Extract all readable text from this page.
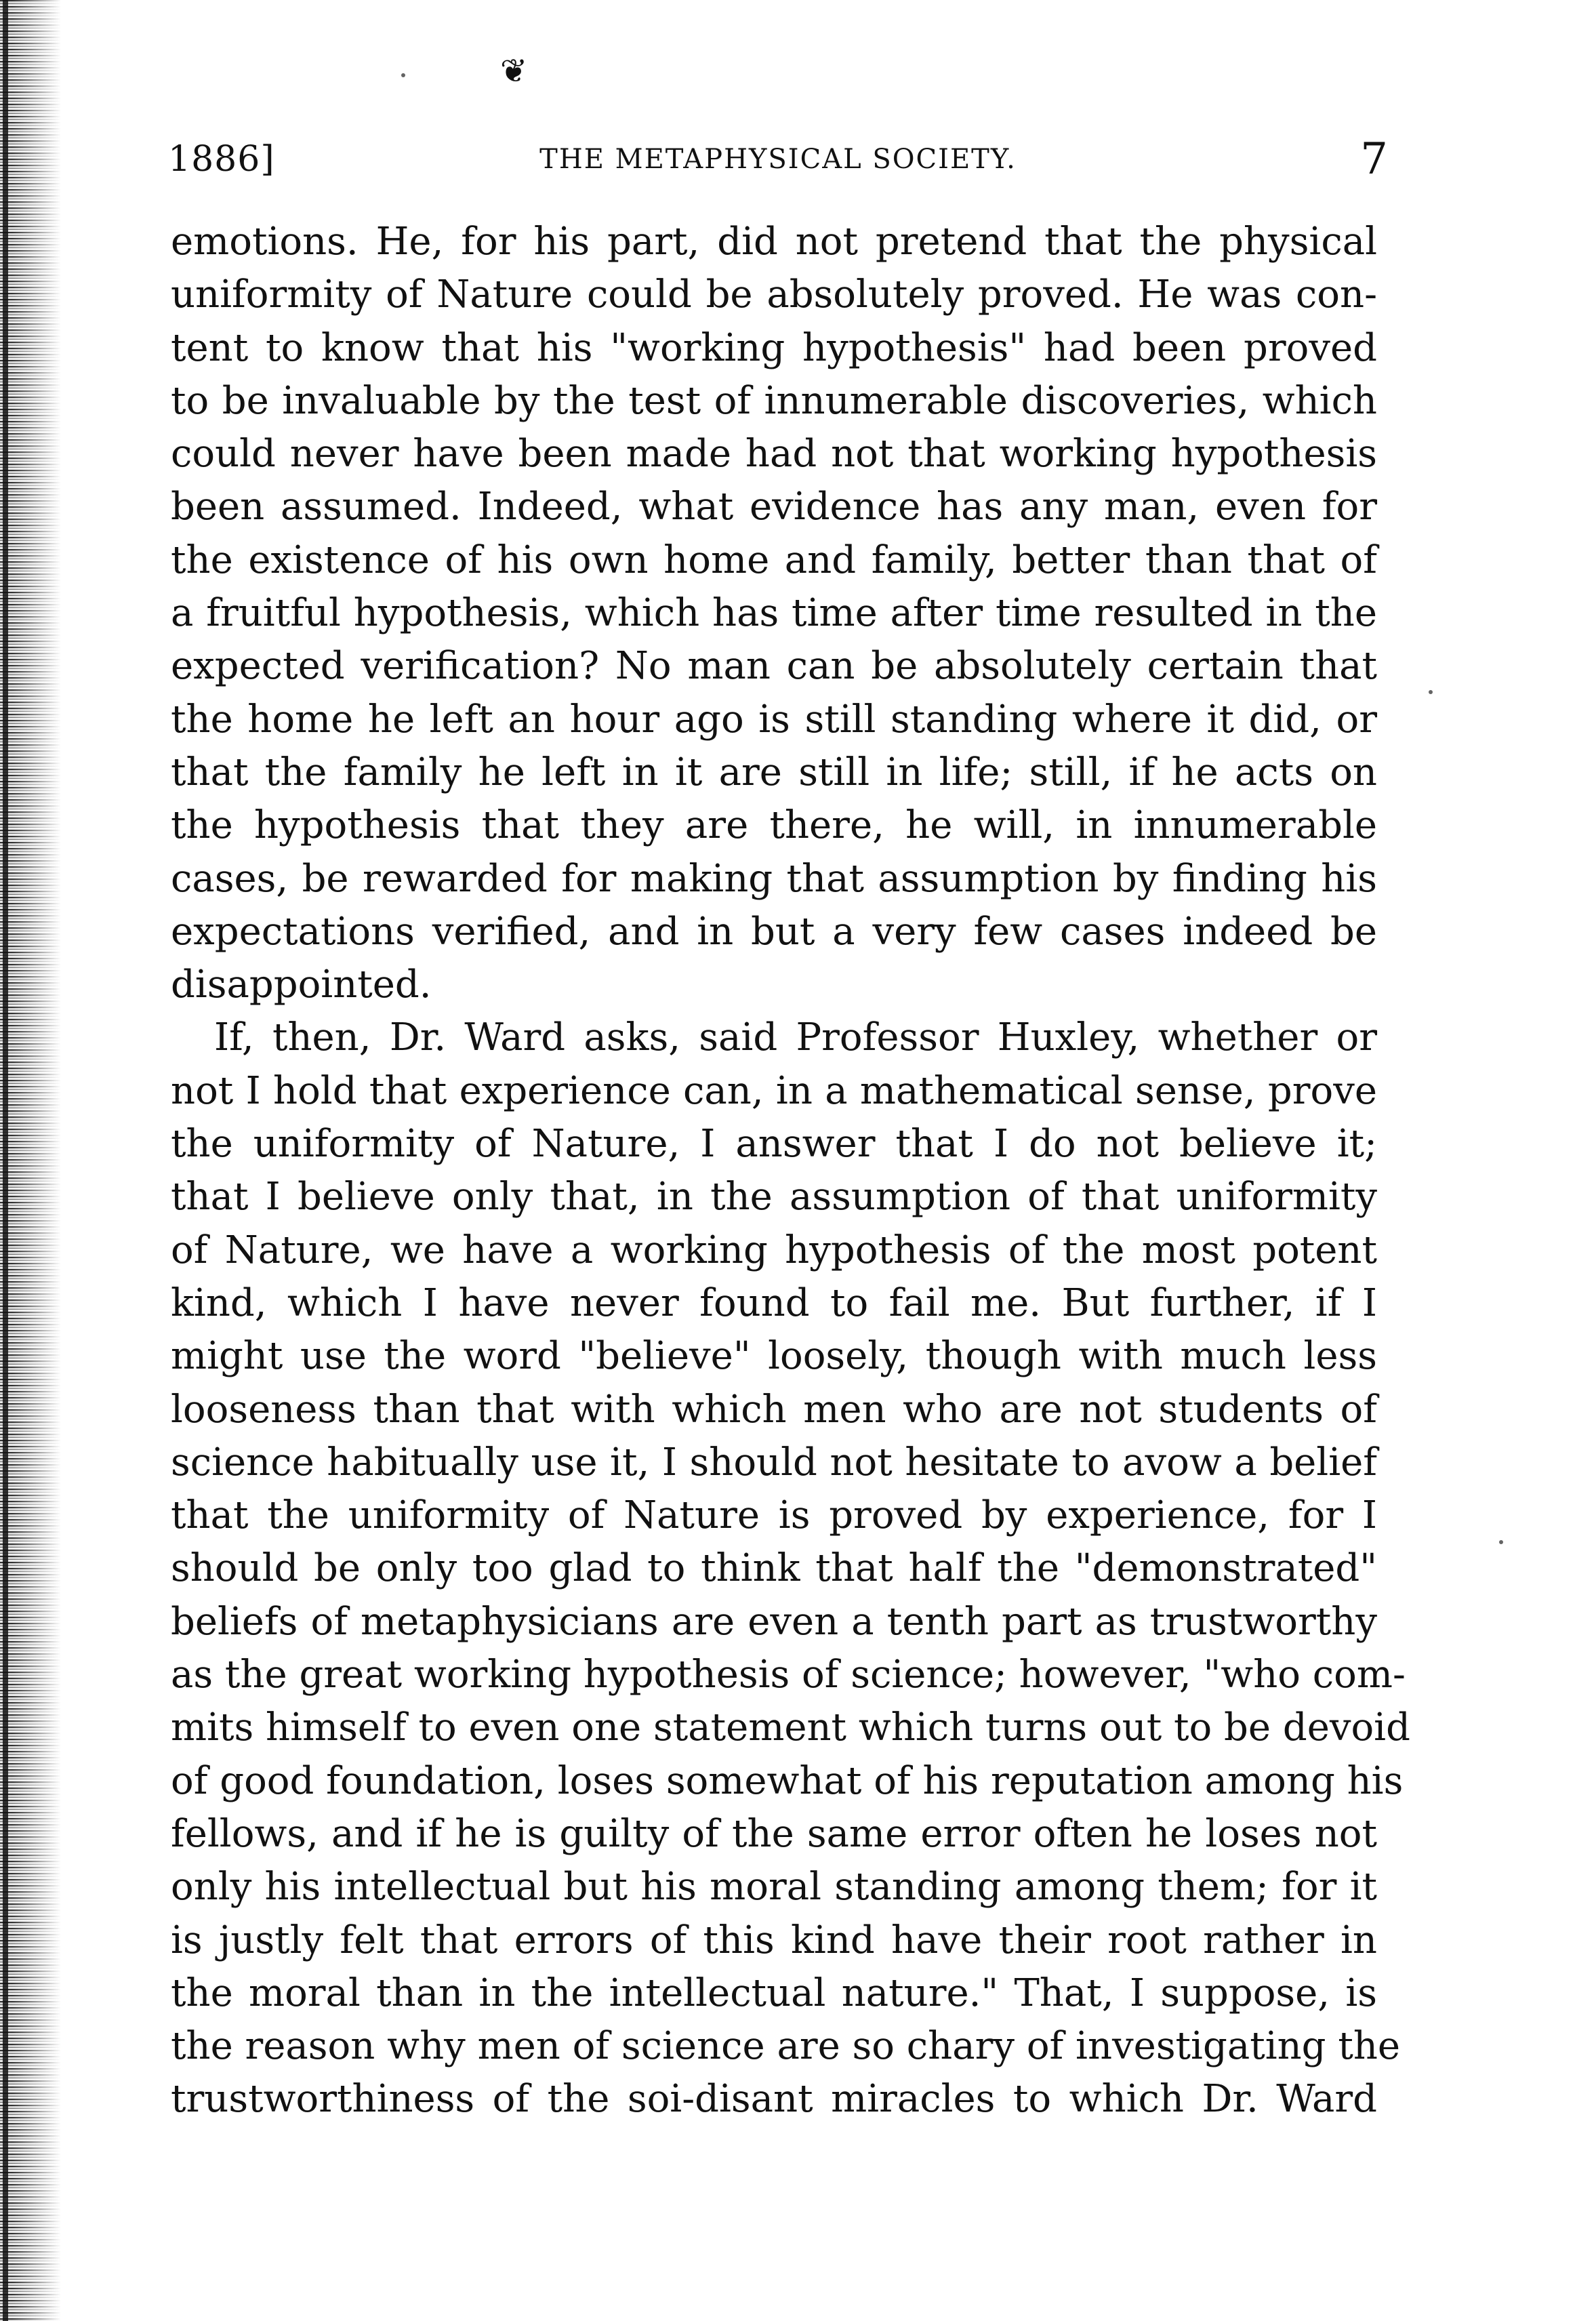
❦
1886]	THE METAPHYSICAL SOCIETY.	7
emotions. He, for his part, did not pretend that the physical
uniformity of Nature could be absolutely proved. He was con-
tent to know that his "working hypothesis" had been proved
to be invaluable by the test of innumerable discoveries, which
could never have been made had not that working hypothesis
been assumed. Indeed, what evidence has any man, even for
the existence of his own home and family, better than that of
a fruitful hypothesis, which has time after time resulted in the
expected verification? No man can be absolutely certain that
the home he left an hour ago is still standing where it did, or
that the family he left in it are still in life; still, if he acts on
the hypothesis that they are there, he will, in innumerable
cases, be rewarded for making that assumption by finding his
expectations verified, and in but a very few cases indeed be
disappointed.
If, then, Dr. Ward asks, said Professor Huxley, whether or
not I hold that experience can, in a mathematical sense, prove
the uniformity of Nature, I answer that I do not believe it;
that I believe only that, in the assumption of that uniformity
of Nature, we have a working hypothesis of the most potent
kind, which I have never found to fail me. But further, if I
might use the word "believe" loosely, though with much less
looseness than that with which men who are not students of
science habitually use it, I should not hesitate to avow a belief
that the uniformity of Nature is proved by experience, for I
should be only too glad to think that half the "demonstrated"
beliefs of metaphysicians are even a tenth part as trustworthy
as the great working hypothesis of science; however, "who com-
mits himself to even one statement which turns out to be devoid
of good foundation, loses somewhat of his reputation among his
fellows, and if he is guilty of the same error often he loses not
only his intellectual but his moral standing among them; for it
is justly felt that errors of this kind have their root rather in
the moral than in the intellectual nature." That, I suppose, is
the reason why men of science are so chary of investigating the
trustworthiness of the soi-disant miracles to which Dr. Ward
